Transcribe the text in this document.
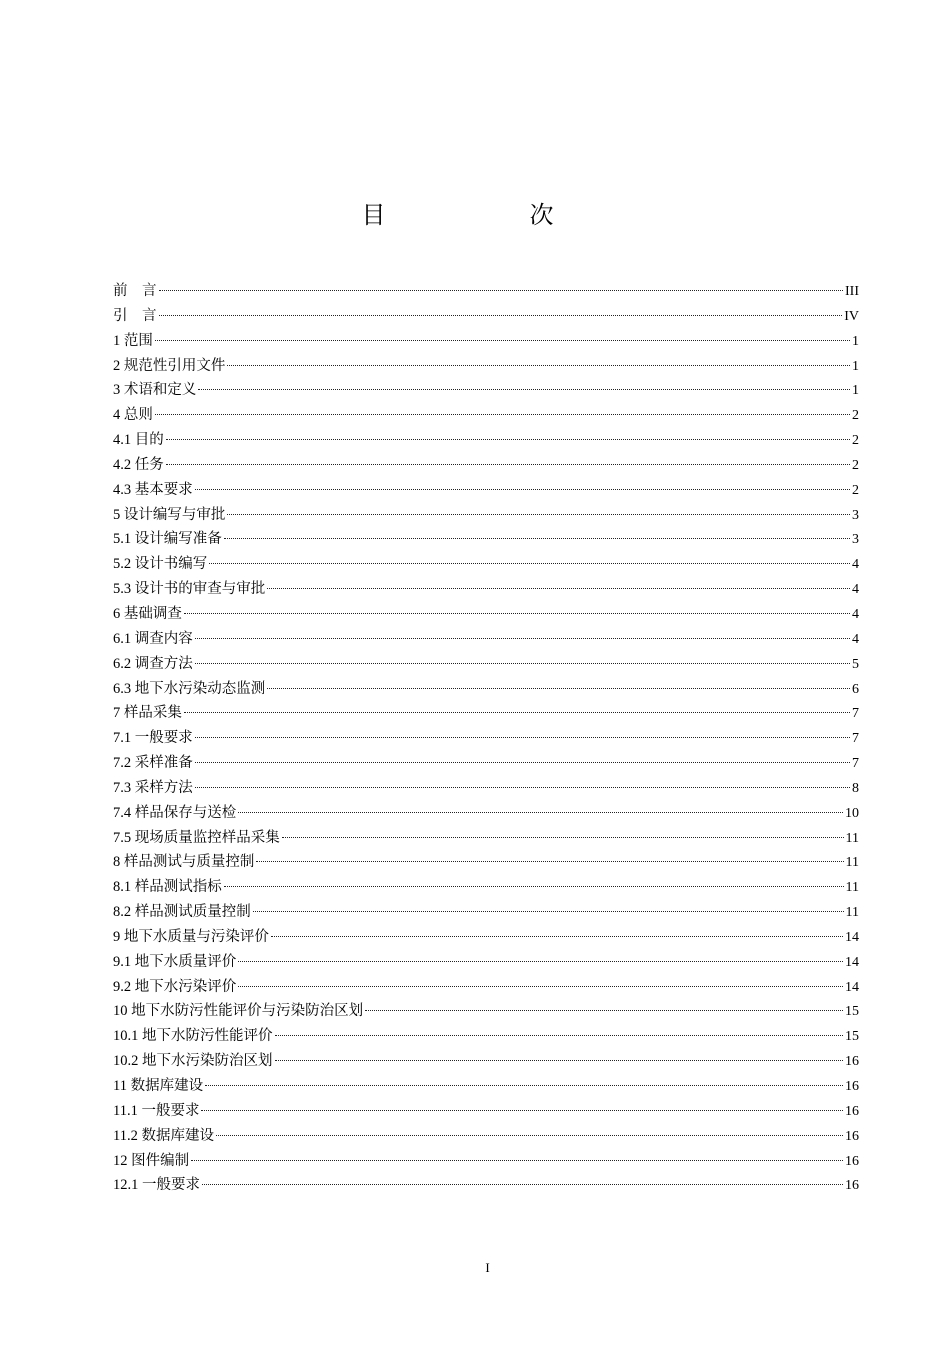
目　次
前　言	III
引　言	IV
1 范围	1
2 规范性引用文件	1
3 术语和定义	1
4 总则	2
4.1 目的	2
4.2 任务	2
4.3 基本要求	2
5 设计编写与审批	3
5.1 设计编写准备	3
5.2 设计书编写	4
5.3 设计书的审查与审批	4
6 基础调查	4
6.1 调查内容	4
6.2 调查方法	5
6.3 地下水污染动态监测	6
7 样品采集	7
7.1 一般要求	7
7.2 采样准备	7
7.3 采样方法	8
7.4 样品保存与送检	10
7.5 现场质量监控样品采集	11
8 样品测试与质量控制	11
8.1 样品测试指标	11
8.2 样品测试质量控制	11
9 地下水质量与污染评价	14
9.1 地下水质量评价	14
9.2 地下水污染评价	14
10 地下水防污性能评价与污染防治区划	15
10.1 地下水防污性能评价	15
10.2 地下水污染防治区划	16
11 数据库建设	16
11.1 一般要求	16
11.2 数据库建设	16
12 图件编制	16
12.1 一般要求	16
I
